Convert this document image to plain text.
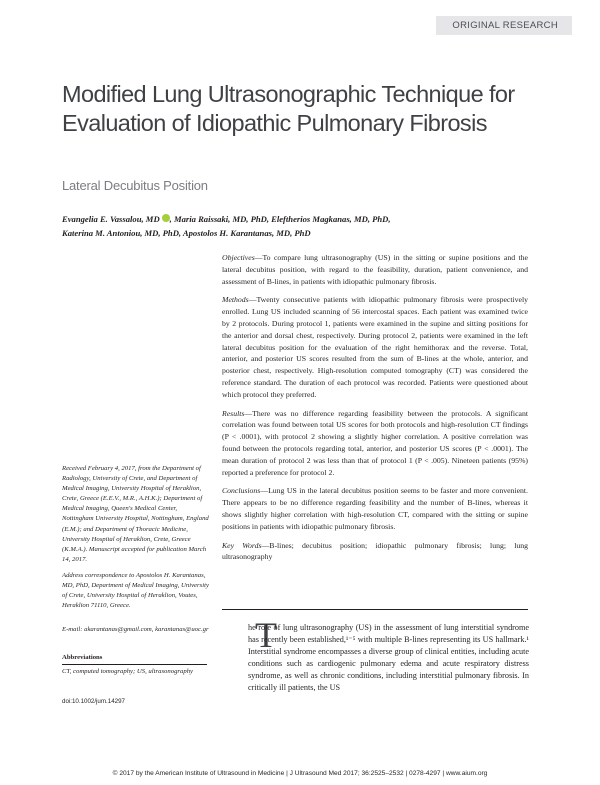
ORIGINAL RESEARCH
Modified Lung Ultrasonographic Technique for Evaluation of Idiopathic Pulmonary Fibrosis
Lateral Decubitus Position
Evangelia E. Vassalou, MD , Maria Raissaki, MD, PhD, Eleftherios Magkanas, MD, PhD,
Katerina M. Antoniou, MD, PhD, Apostolos H. Karantanas, MD, PhD

Objectives—To compare lung ultrasonography (US) in the sitting or supine positions and the lateral decubitus position, with regard to the feasibility, duration, patient convenience, and assessment of B-lines, in patients with idiopathic pulmonary fibrosis.

Methods—Twenty consecutive patients with idiopathic pulmonary fibrosis were prospectively enrolled. Lung US included scanning of 56 intercostal spaces. Each patient was examined twice by 2 protocols. During protocol 1, patients were examined in the supine and sitting positions for the anterior and dorsal chest, respectively. During protocol 2, patients were examined in the left lateral decubitus position for the evaluation of the right hemithorax and the reverse. Total, anterior, and posterior US scores resulted from the sum of B-lines at the whole, anterior, and posterior chest, respectively. High-resolution computed tomography (CT) was considered the reference standard. The duration of each protocol was recorded. Patients were questioned about which protocol they preferred.

Results—There was no difference regarding feasibility between the protocols. A significant correlation was found between total US scores for both protocols and high-resolution CT findings (P < .0001), with protocol 2 showing a slightly higher correlation. A positive correlation was found between the protocols regarding total, anterior, and posterior US scores (P < .0001). The mean duration of protocol 2 was less than that of protocol 1 (P < .005). Nineteen patients (95%) reported a preference for protocol 2.

Conclusions—Lung US in the lateral decubitus position seems to be faster and more convenient. There appears to be no difference regarding feasibility and the number of B-lines, whereas it shows slightly higher correlation with high-resolution CT, compared with the sitting or supine positions in patients with idiopathic pulmonary fibrosis.

Key Words—B-lines; decubitus position; idiopathic pulmonary fibrosis; lung; lung ultrasonography

Received February 4, 2017, from the Department of Radiology, University of Crete, and Department of Medical Imaging, University Hospital of Heraklion, Crete, Greece (E.E.V., M.R., A.H.K.); Department of Medical Imaging, Queen's Medical Center, Nottingham University Hospital, Nottingham, England (E.M.); and Department of Thoracic Medicine, University Hospital of Heraklion, Crete, Greece (K.M.A.). Manuscript accepted for publication March 14, 2017.
Address correspondence to Apostolos H. Karantanas, MD, PhD, Department of Medical Imaging, University of Crete, University Hospital of Heraklion, Voutes, Heraklion 71110, Greece.
E-mail: akarantanas@gmail.com, karantanas@uoc.gr
Abbreviations
CT, computed tomography; US, ultrasonography
doi:10.1002/jum.14297
T
he role of lung ultrasonography (US) in the assessment of lung interstitial syndrome has recently been established,¹⁻⁵ with multiple B-lines representing its US hallmark.¹ Interstitial syndrome encompasses a diverse group of clinical entities, including acute conditions such as cardiogenic pulmonary edema and acute respiratory distress syndrome, as well as chronic conditions, including interstitial pulmonary fibrosis. In critically ill patients, the US
© 2017 by the American Institute of Ultrasound in Medicine | J Ultrasound Med 2017; 36:2525–2532 | 0278-4297 | www.aium.org
